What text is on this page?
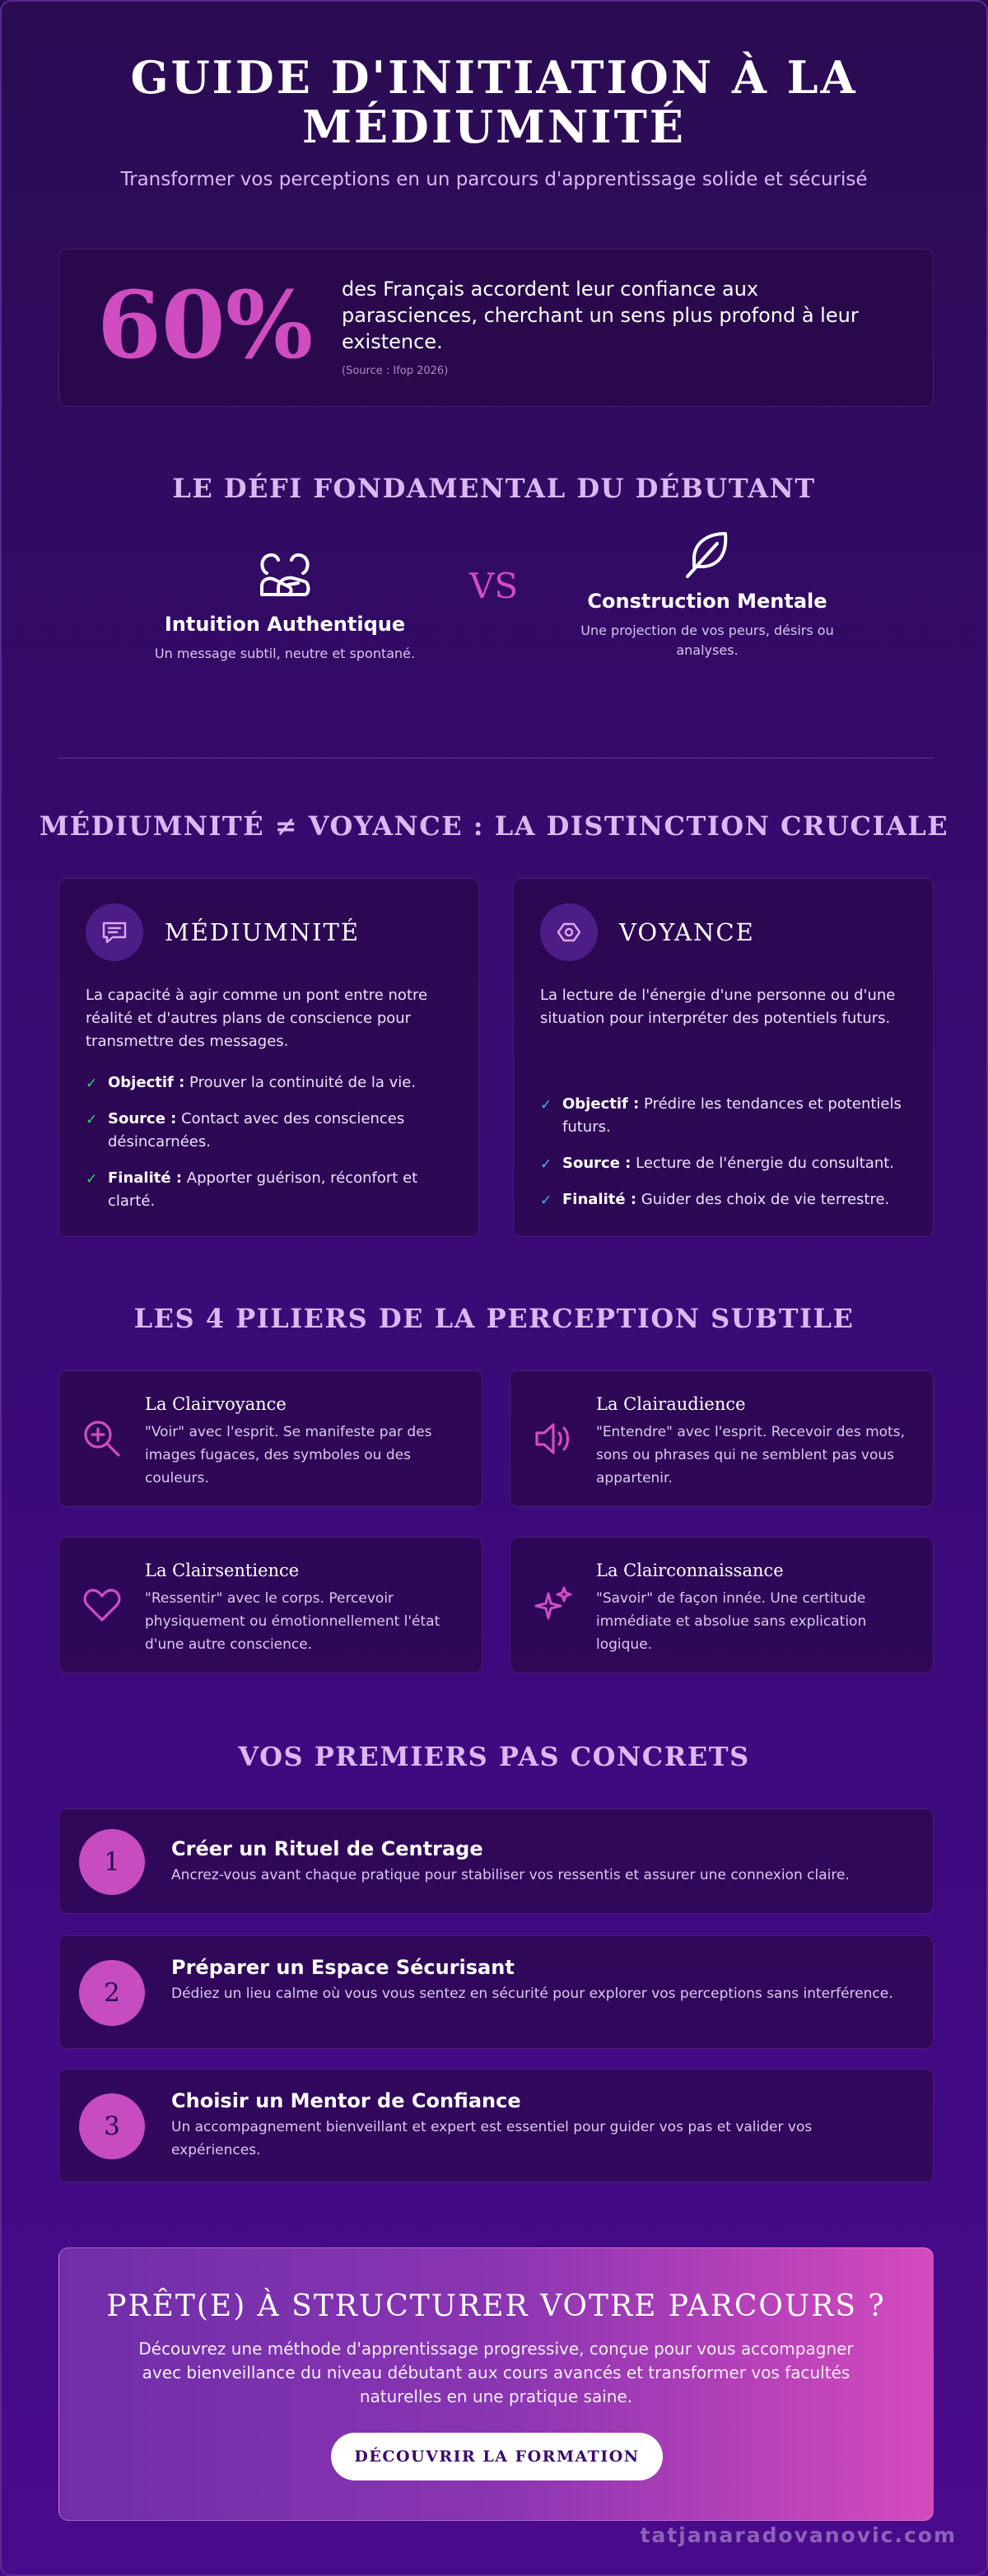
GUIDE D'INITIATION À LA MÉDIUMNITÉ

Transformer vos perceptions en un parcours d'apprentissage solide et sécurisé

60% des Français accordent leur confiance aux parasciences, cherchant un sens plus profond à leur existence.
(Source : Ifop 2026)
LE DÉFI FONDAMENTAL DU DÉBUTANT
Intuition Authentique
Un message subtil, neutre et spontané.
VS	Construction Mentale
Une projection de vos peurs, désirs ou analyses.
MÉDIUMNITÉ ≠ VOYANCE : LA DISTINCTION CRUCIALE
MÉDIUMNITÉ
La capacité à agir comme un pont entre notre réalité et d'autres plans de conscience pour transmettre des messages.
✓ Objectif : Prouver la continuité de la vie.
✓ Source : Contact avec des consciences désincarnées.
✓ Finalité : Apporter guérison, réconfort et clarté.
VOYANCE
La lecture de l'énergie d'une personne ou d'une situation pour interpréter des potentiels futurs.
✓ Objectif : Prédire les tendances et potentiels futurs.
✓ Source : Lecture de l'énergie du consultant.
✓ Finalité : Guider des choix de vie terrestre.
LES 4 PILIERS DE LA PERCEPTION SUBTILE
La Clairvoyance
"Voir" avec l'esprit. Se manifeste par des images fugaces, des symboles ou des couleurs.
La Clairaudience
"Entendre" avec l'esprit. Recevoir des mots, sons ou phrases qui ne semblent pas vous appartenir.
La Clairsentience
"Ressentir" avec le corps. Percevoir physiquement ou émotionnellement l'état d'une autre conscience.
La Clairconnaissance
"Savoir" de façon innée. Une certitude immédiate et absolue sans explication logique.
VOS PREMIERS PAS CONCRETS
1	Créer un Rituel de Centrage
Ancrez-vous avant chaque pratique pour stabiliser vos ressentis et assurer une connexion claire.
2
Préparer un Espace Sécurisant
Dédiez un lieu calme où vous vous sentez en sécurité pour explorer vos perceptions sans interférence.
3
Choisir un Mentor de Confiance
Un accompagnement bienveillant et expert est essentiel pour guider vos pas et valider vos expériences.
PRÊT(E) À STRUCTURER VOTRE PARCOURS ?
Découvrez une méthode d'apprentissage progressive, conçue pour vous accompagner avec bienveillance du niveau débutant aux cours avancés et transformer vos facultés naturelles en une pratique saine.
DÉCOUVRIR LA FORMATION
tatjanaradovanovic.com
